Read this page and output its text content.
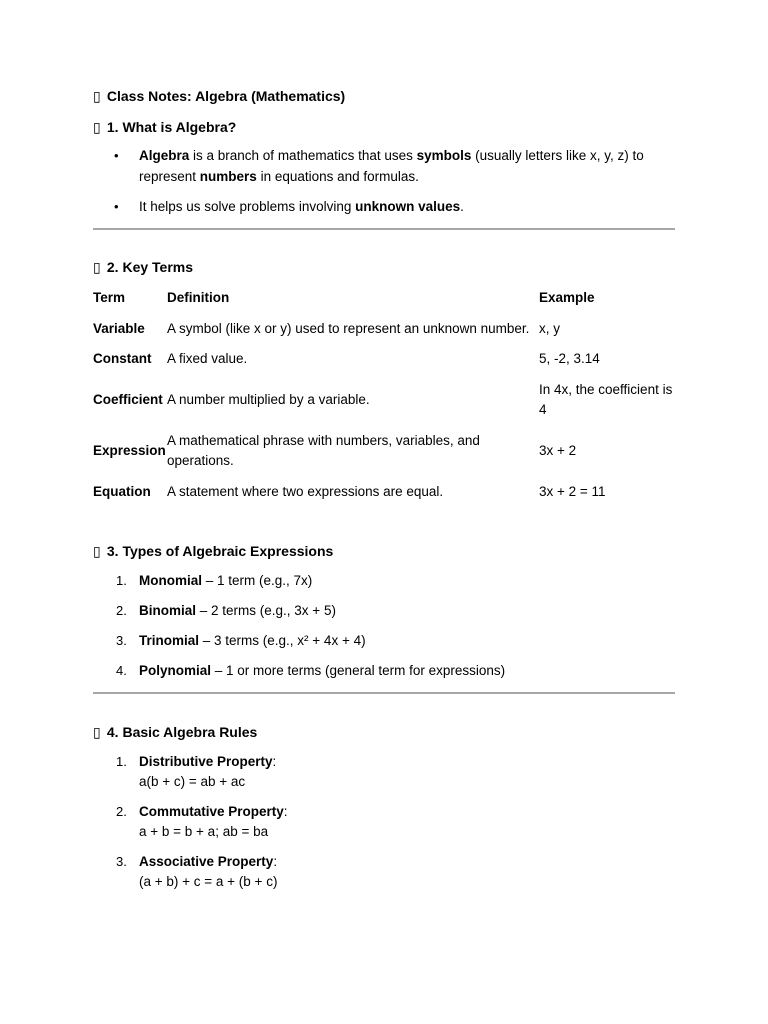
▯ Class Notes: Algebra (Mathematics)

▯ 1. What is Algebra?

• Algebra is a branch of mathematics that uses symbols (usually letters like x, y, z) to represent numbers in equations and formulas.
• It helps us solve problems involving unknown values.

▯ 2. Key Terms

Term	Definition	Example
Variable	A symbol (like x or y) used to represent an unknown number.	x, y
Constant	A fixed value.	5, -2, 3.14
Coefficient	A number multiplied by a variable.	In 4x, the coefficient is 4
Expression	A mathematical phrase with numbers, variables, and operations.	3x + 2
Equation	A statement where two expressions are equal.	3x + 2 = 11

▯ 3. Types of Algebraic Expressions

1. Monomial – 1 term (e.g., 7x)
2. Binomial – 2 terms (e.g., 3x + 5)
3. Trinomial – 3 terms (e.g., x² + 4x + 4)
4. Polynomial – 1 or more terms (general term for expressions)

▯ 4. Basic Algebra Rules

1. Distributive Property:
a(b + c) = ab + ac
2. Commutative Property:
a + b = b + a; ab = ba
3. Associative Property:
(a + b) + c = a + (b + c)
